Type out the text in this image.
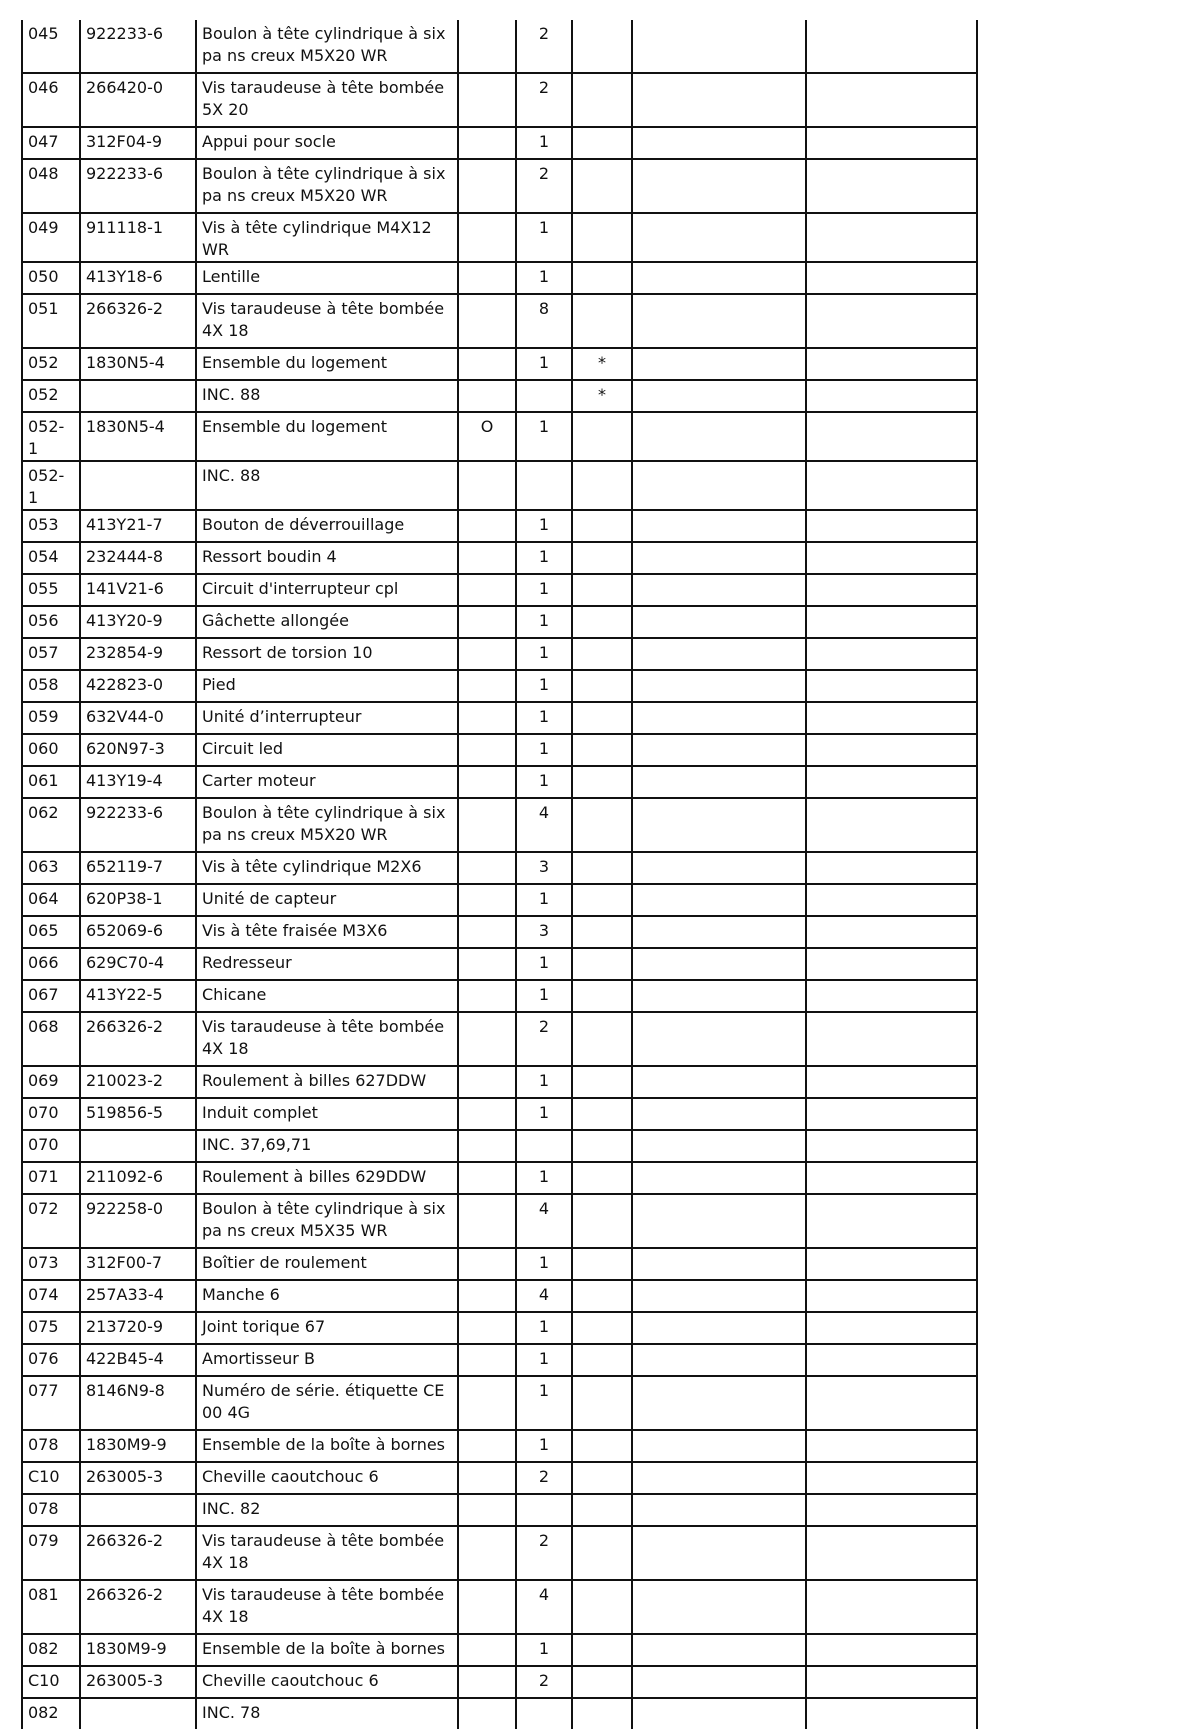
045	922233-6	Boulon à tête cylindrique à six pa ns creux M5X20 WR		2			
046	266420-0	Vis taraudeuse à tête bombée 5X 20		2			
047	312F04-9	Appui pour socle		1			
048	922233-6	Boulon à tête cylindrique à six pa ns creux M5X20 WR		2			
049	911118-1	Vis à tête cylindrique M4X12 WR		1			
050	413Y18-6	Lentille		1			
051	266326-2	Vis taraudeuse à tête bombée 4X 18		8			
052	1830N5-4	Ensemble du logement		1	*		
052		INC. 88			*		
052-1	1830N5-4	Ensemble du logement	O	1			
052-1		INC. 88					
053	413Y21-7	Bouton de déverrouillage		1			
054	232444-8	Ressort boudin 4		1			
055	141V21-6	Circuit d'interrupteur cpl		1			
056	413Y20-9	Gâchette allongée		1			
057	232854-9	Ressort de torsion 10		1			
058	422823-0	Pied		1			
059	632V44-0	Unité d’interrupteur		1			
060	620N97-3	Circuit led		1			
061	413Y19-4	Carter moteur		1			
062	922233-6	Boulon à tête cylindrique à six pa ns creux M5X20 WR		4			
063	652119-7	Vis à tête cylindrique M2X6		3			
064	620P38-1	Unité de capteur		1			
065	652069-6	Vis à tête fraisée M3X6		3			
066	629C70-4	Redresseur		1			
067	413Y22-5	Chicane		1			
068	266326-2	Vis taraudeuse à tête bombée 4X 18		2			
069	210023-2	Roulement à billes 627DDW		1			
070	519856-5	Induit complet		1			
070		INC. 37,69,71					
071	211092-6	Roulement à billes 629DDW		1			
072	922258-0	Boulon à tête cylindrique à six pa ns creux M5X35 WR		4			
073	312F00-7	Boîtier de roulement		1			
074	257A33-4	Manche 6		4			
075	213720-9	Joint torique 67		1			
076	422B45-4	Amortisseur B		1			
077	8146N9-8	Numéro de série. étiquette CE00 4G		1			
078	1830M9-9	Ensemble de la boîte à bornes		1			
C10	263005-3	Cheville caoutchouc 6		2			
078		INC. 82					
079	266326-2	Vis taraudeuse à tête bombée 4X 18		2			
081	266326-2	Vis taraudeuse à tête bombée 4X 18		4			
082	1830M9-9	Ensemble de la boîte à bornes		1			
C10	263005-3	Cheville caoutchouc 6		2			
082		INC. 78					
